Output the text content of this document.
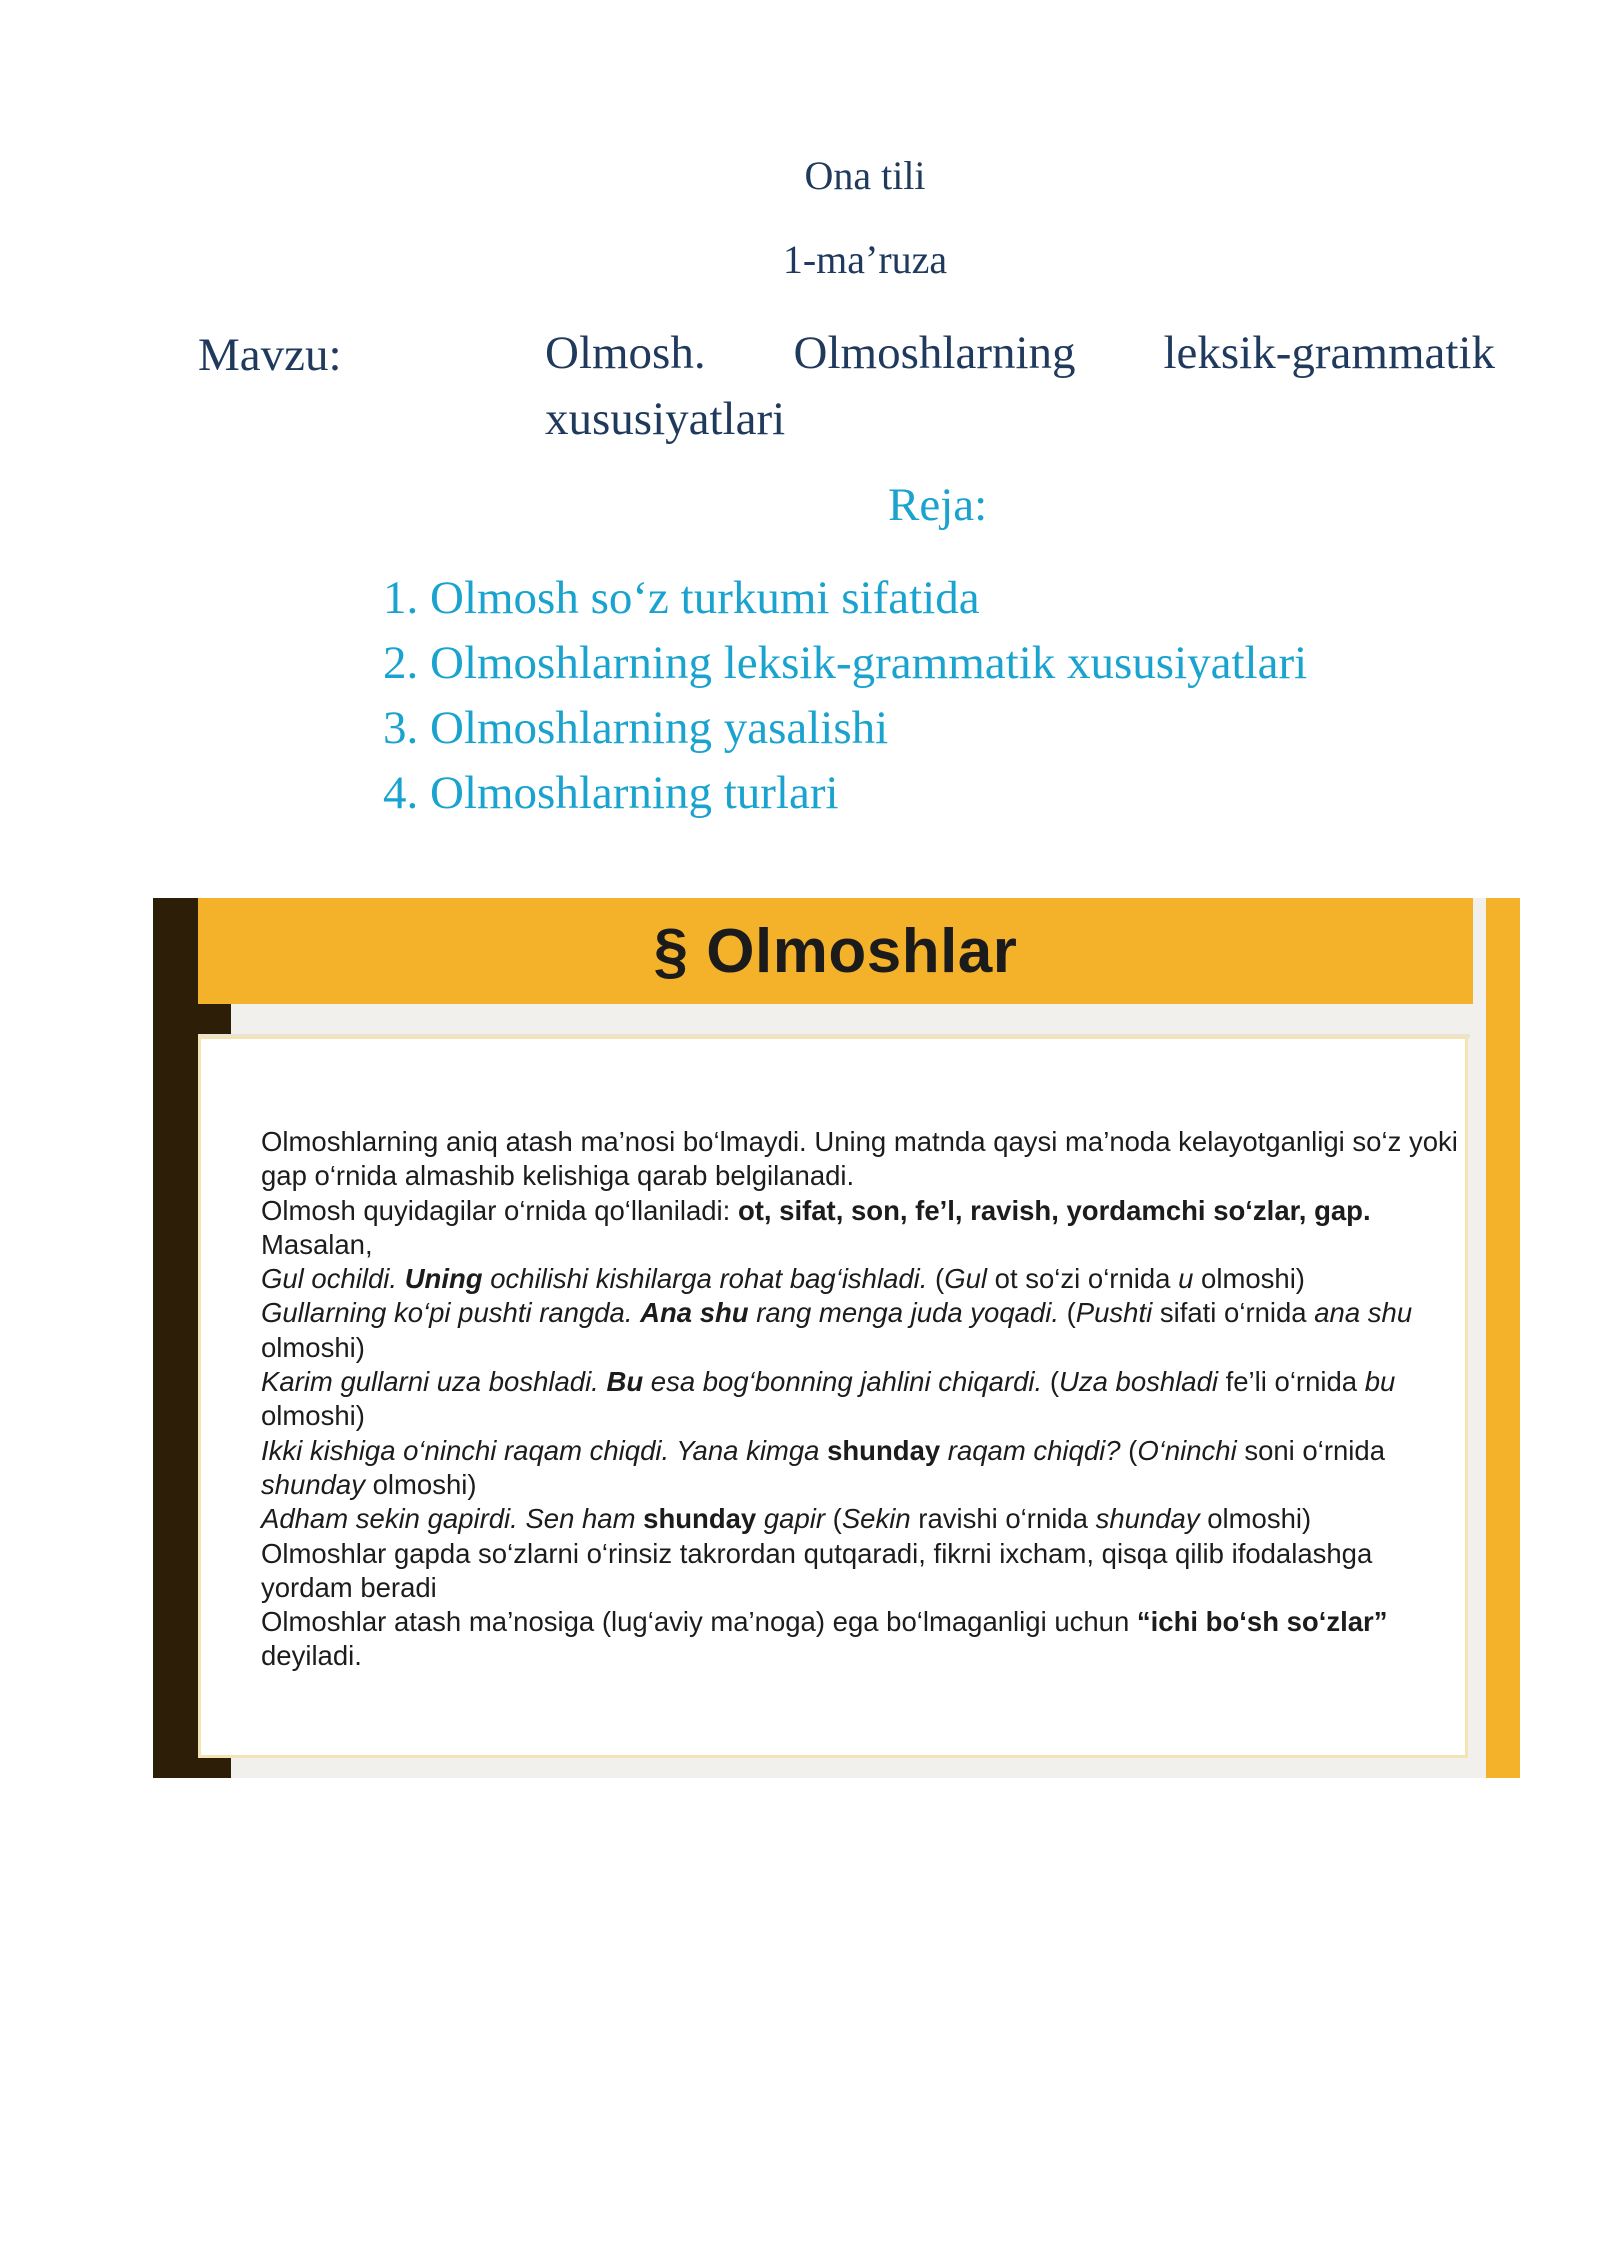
Ona tili
1-ma’ruza
Mavzu:	Olmosh. Olmoshlarning leksik-grammatik
xususiyatlari
Reja:
1. Olmosh so‘z turkumi sifatida
2. Olmoshlarning leksik-grammatik xususiyatlari
3. Olmoshlarning yasalishi
4. Olmoshlarning turlari
§ Olmoshlar

Olmoshlarning aniq atash ma’nosi bo‘lmaydi. Uning matnda qaysi ma’noda kelayotganligi so‘z yoki gap o‘rnida almashib kelishiga qarab belgilanadi.

Olmosh quyidagilar o‘rnida qo‘llaniladi: ot, sifat, son, fe’l, ravish, yordamchi so‘zlar, gap.

Masalan,

Gul ochildi. Uning ochilishi kishilarga rohat bag‘ishladi. (Gul ot so‘zi o‘rnida u olmoshi)

Gullarning ko‘pi pushti rangda. Ana shu rang menga juda yoqadi. (Pushti sifati o‘rnida ana shu olmoshi)

Karim gullarni uza boshladi. Bu esa bog‘bonning jahlini chiqardi. (Uza boshladi fe’li o‘rnida bu olmoshi)

Ikki kishiga o‘ninchi raqam chiqdi. Yana kimga shunday raqam chiqdi? (O‘ninchi soni o‘rnida shunday olmoshi)

Adham sekin gapirdi. Sen ham shunday gapir (Sekin ravishi o‘rnida shunday olmoshi)

Olmoshlar gapda so‘zlarni o‘rinsiz takrordan qutqaradi, fikrni ixcham, qisqa qilib ifodalashga yordam beradi

Olmoshlar atash ma’nosiga (lug‘aviy ma’noga) ega bo‘lmaganligi uchun “ichi bo‘sh so‘zlar” deyiladi.
